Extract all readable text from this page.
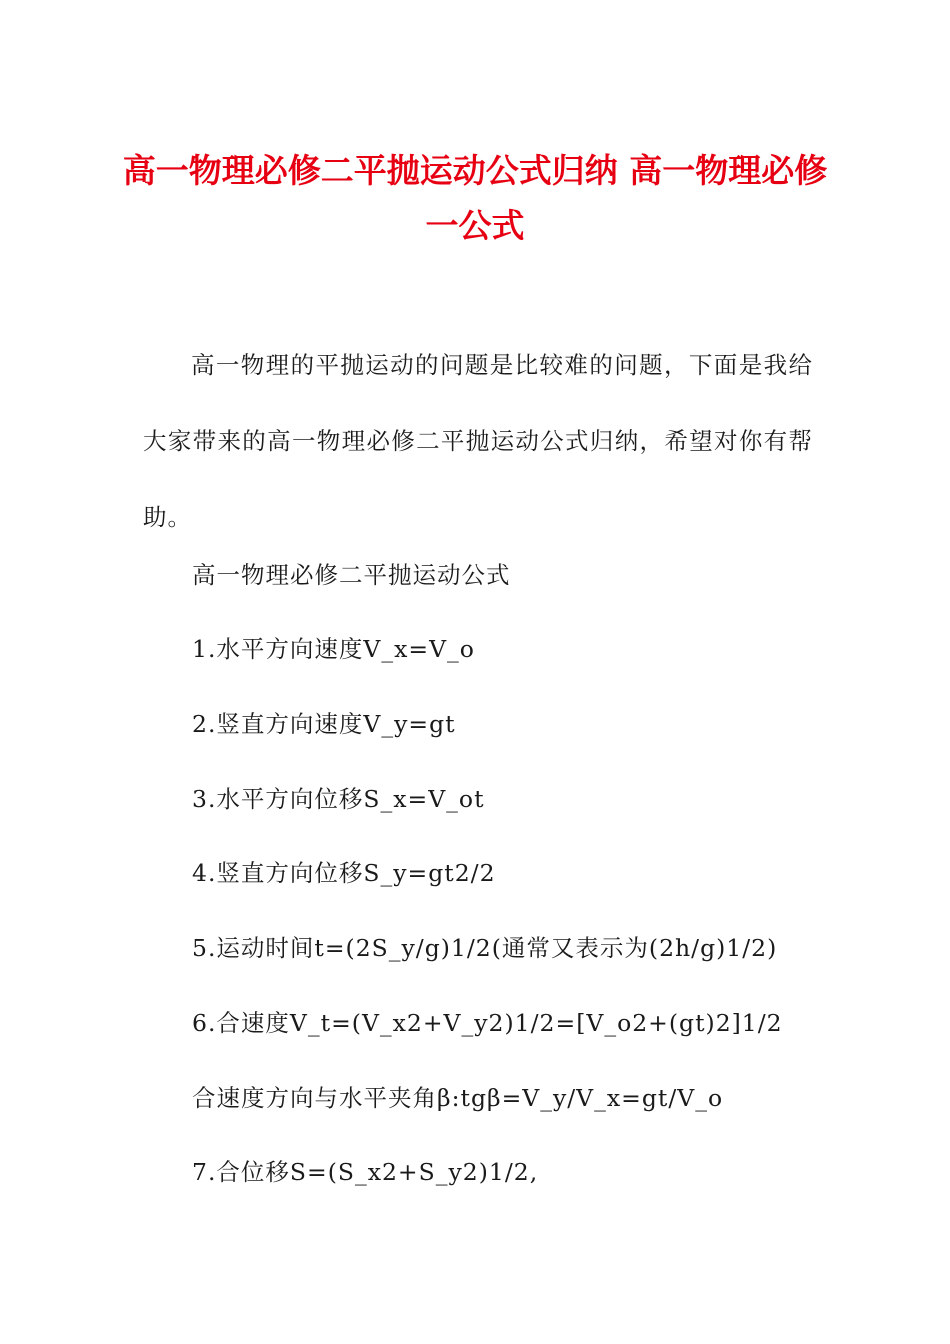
高一物理必修二平抛运动公式归纳 高一物理必修一公式

高一物理的平抛运动的问题是比较难的问题，下面是我给大家带来的高一物理必修二平抛运动公式归纳，希望对你有帮助。

高一物理必修二平抛运动公式

1.水平方向速度V_x=V_o

2.竖直方向速度V_y=gt

3.水平方向位移S_x=V_ot

4.竖直方向位移S_y=gt2/2

5.运动时间t=(2S_y/g)1/2(通常又表示为(2h/g)1/2)

6.合速度V_t=(V_x2+V_y2)1/2=[V_o2+(gt)2]1/2

合速度方向与水平夹角β:tgβ=V_y/V_x=gt/V_o

7.合位移S=(S_x2+S_y2)1/2,
